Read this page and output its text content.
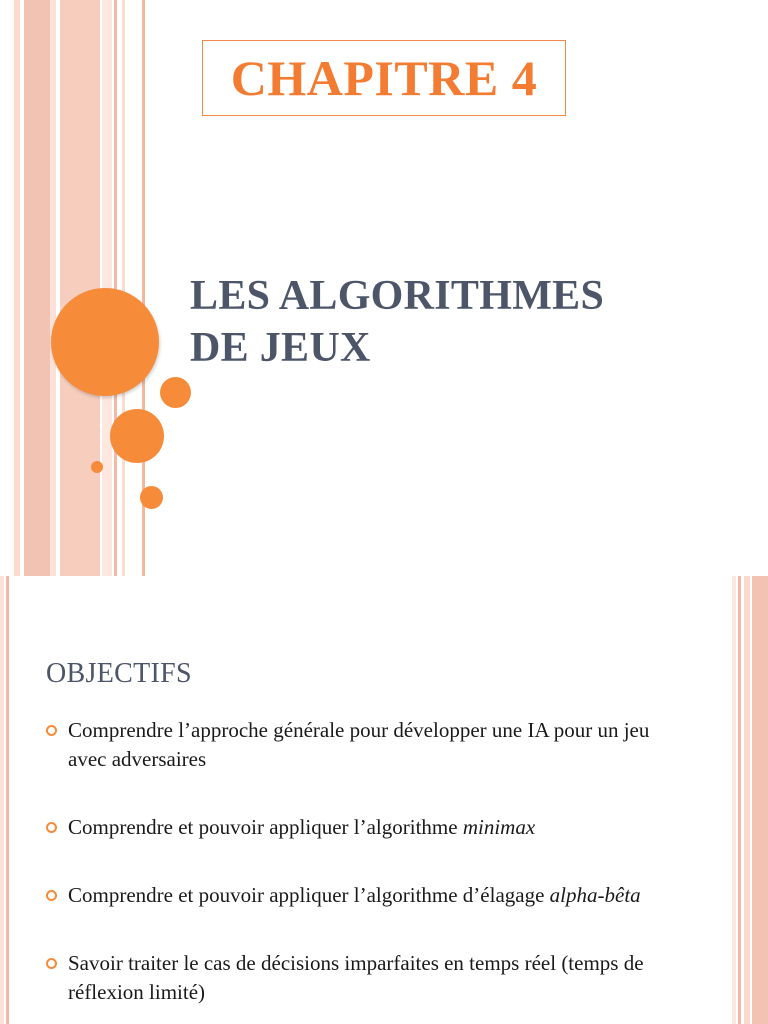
CHAPITRE 4
LES ALGORITHMES
DE JEUX
OBJECTIFS
Comprendre l’approche générale pour développer une IA pour un jeu avec adversaires
Comprendre et pouvoir appliquer l’algorithme minimax
Comprendre et pouvoir appliquer l’algorithme d’élagage alpha-bêta
Savoir traiter le cas de décisions imparfaites en temps réel (temps de réflexion limité)
